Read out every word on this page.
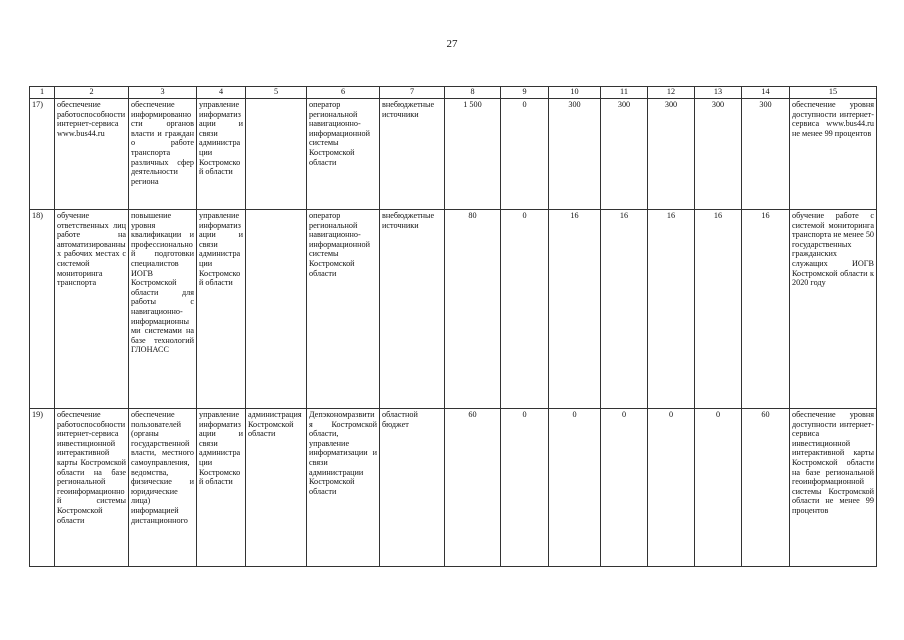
27
1	2	3	4	5	6	7	8	9	10	11	12	13	14	15
17)	обеспечение работоспособности интернет-сервиса www.bus44.ru	обеспечение информированности органов власти и граждан о работе транспорта различных сфер деятельности региона	управление информатизации и связи администрации Костромской области		оператор региональной навигационно-информационной системы Костромской области	внебюджетные источники	1 500	0	300	300	300	300	300	обеспечение уровня доступности интернет-сервиса www.bus44.ru не менее 99 процентов
18)	обучение ответственных лиц работе на автоматизированных рабочих местах с системой мониторинга транспорта	повышение уровня квалификации и профессиональной подготовки специалистов ИОГВ Костромской области для работы с навигационно-информационными системами на базе технологий ГЛОНАСС	управление информатизации и связи администрации Костромской области		оператор региональной навигационно-информационной системы Костромской области	внебюджетные источники	80	0	16	16	16	16	16	обучение работе с системой мониторинга транспорта не менее 50 государственных гражданских служащих ИОГВ Костромской области к 2020 году
19)	обеспечение работоспособности интернет-сервиса инвестиционной интерактивной карты Костромской области на базе региональной геоинформационной системы Костромской области	обеспечение пользователей (органы государственной власти, местного самоуправления, ведомства, физические и юридические лица) информацией дистанционного	управление информатизации и связи администрации Костромской области	администрация Костромской области	Депэкономразвития Костромской области, управление информатизации и связи администрации Костромской области	областной бюджет	60	0	0	0	0	0	60	обеспечение уровня доступности интернет-сервиса инвестиционной интерактивной карты Костромской области на базе региональной геоинформационной системы Костромской области не менее 99 процентов
